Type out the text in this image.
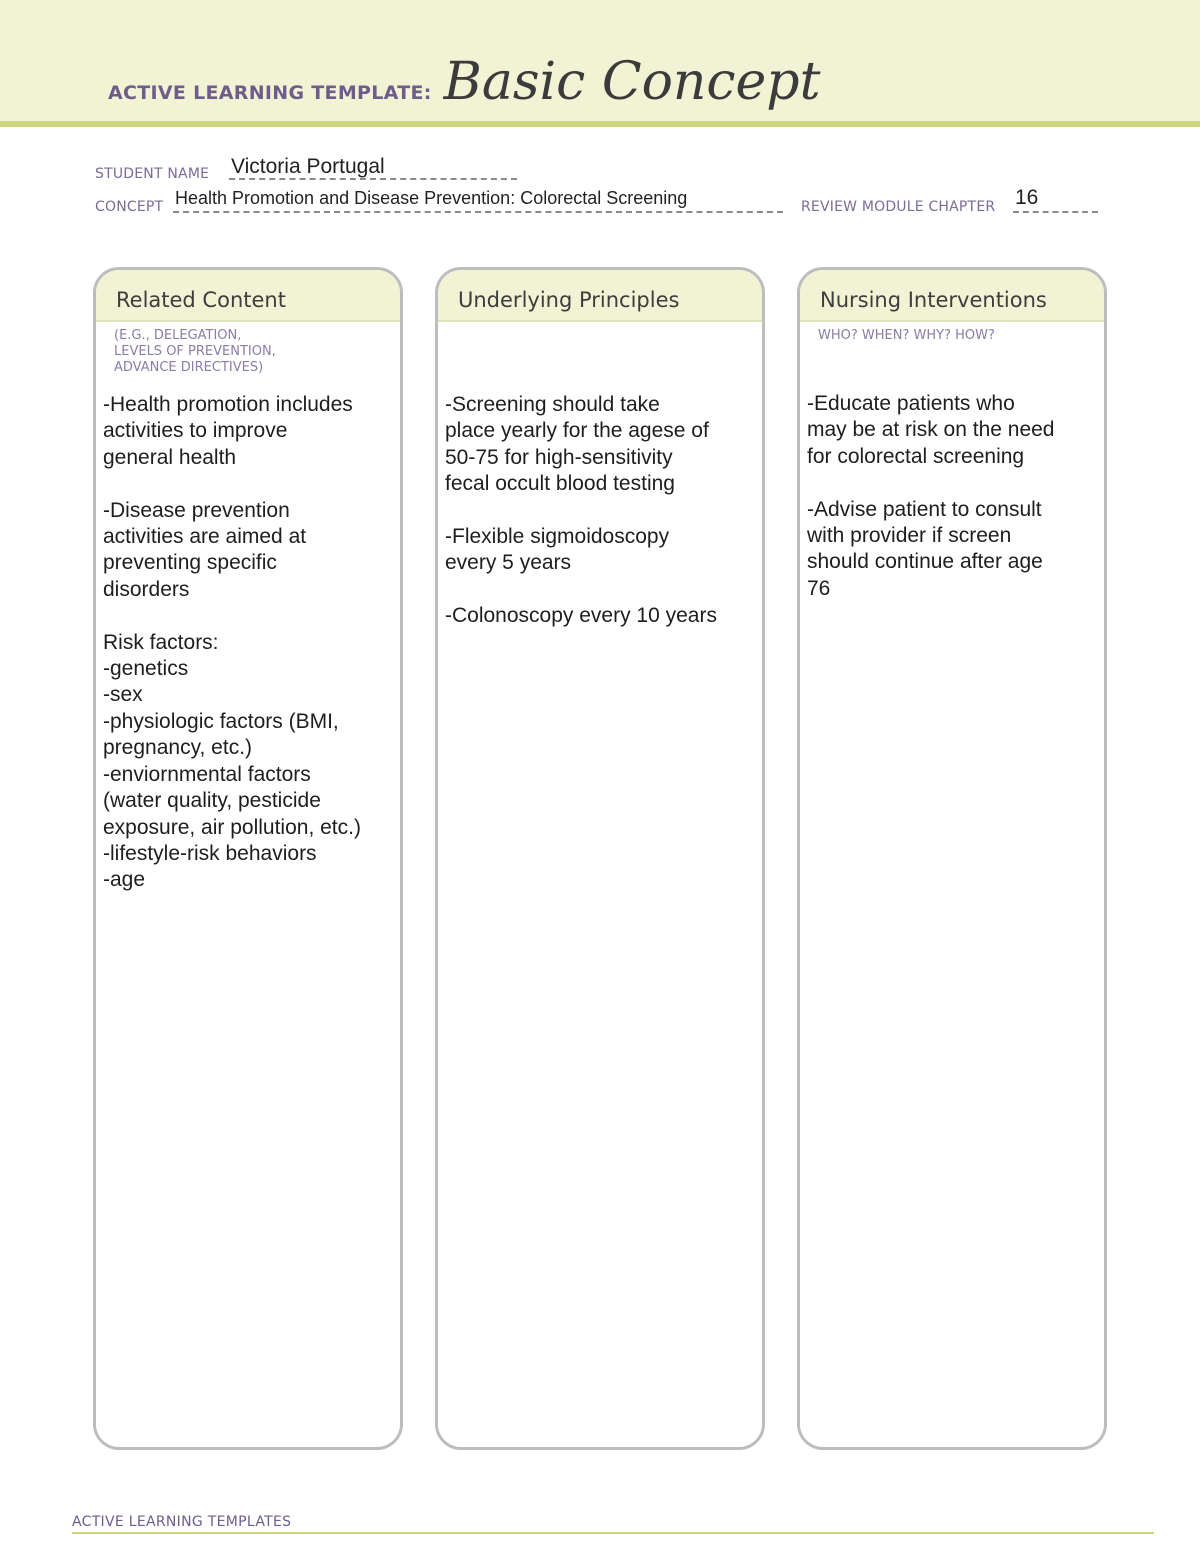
ACTIVE LEARNING TEMPLATE: Basic Concept
STUDENT NAME Victoria Portugal
CONCEPT Health Promotion and Disease Prevention: Colorectal Screening	REVIEW MODULE CHAPTER 16
Related Content
(E.G., DELEGATION,
LEVELS OF PREVENTION,
ADVANCE DIRECTIVES)
-Health promotion includes
activities to improve
general health

-Disease prevention
activities are aimed at
preventing specific
disorders

Risk factors:
-genetics
-sex
-physiologic factors (BMI,
pregnancy, etc.)
-enviornmental factors
(water quality, pesticide
exposure, air pollution, etc.)
-lifestyle-risk behaviors
-age
Underlying Principles
-Screening should take
place yearly for the agese of
50-75 for high-sensitivity
fecal occult blood testing

-Flexible sigmoidoscopy
every 5 years

-Colonoscopy every 10 years
Nursing Interventions
WHO? WHEN? WHY? HOW?
-Educate patients who
may be at risk on the need
for colorectal screening

-Advise patient to consult
with provider if screen
should continue after age
76
ACTIVE LEARNING TEMPLATES
